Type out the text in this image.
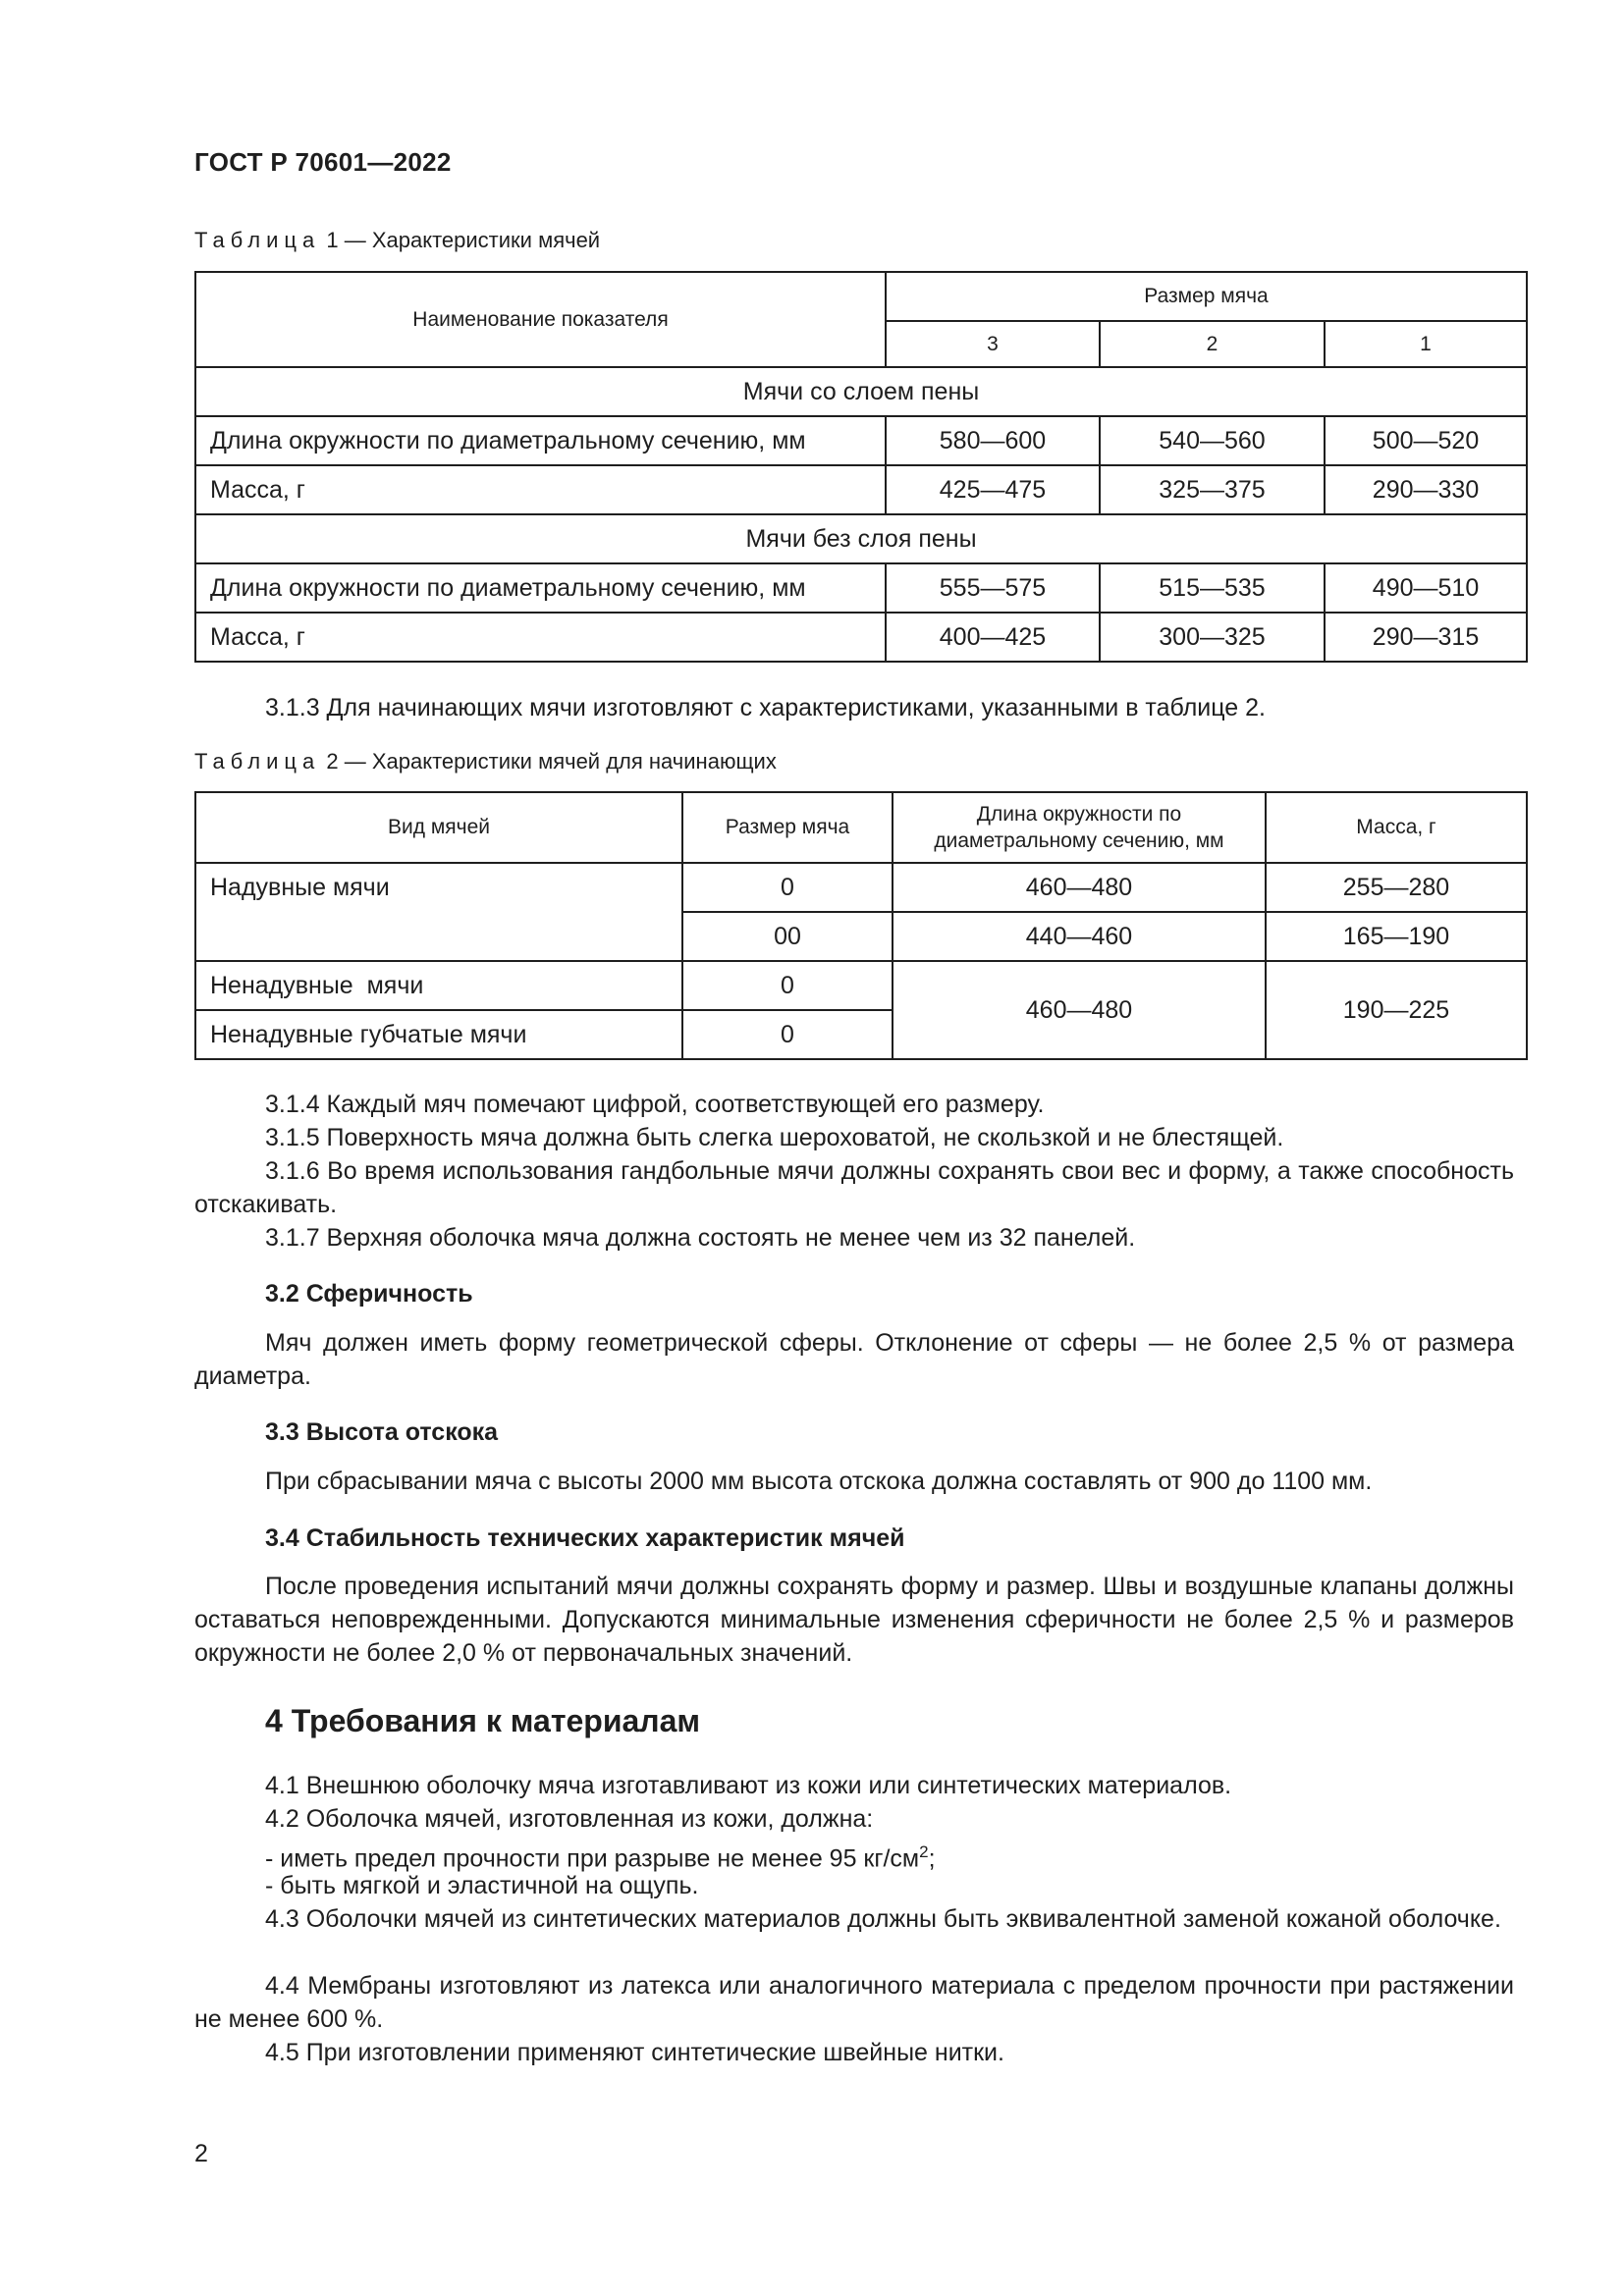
ГОСТ Р 70601—2022
Таблица 1 — Характеристики мячей
Наименование показателя	Размер мяча		
	3	2	1
Мячи со слоем пены			
Длина окружности по диаметральному сечению, мм	580—600	540—560	500—520
Масса, г	425—475	325—375	290—330
Мячи без слоя пены			
Длина окружности по диаметральному сечению, мм	555—575	515—535	490—510
Масса, г	400—425	300—325	290—315
3.1.3 Для начинающих мячи изготовляют с характеристиками, указанными в таблице 2.
Таблица 2 — Характеристики мячей для начинающих
Вид мячей	Размер мяча	Длина окружности по диаметральному сечению, мм	Масса, г
Надувные мячи	0	460—480	255—280
	00	440—460	165—190
Ненадувные  мячи	0	460—480	190—225
Ненадувные губчатые мячи	0		
3.1.4 Каждый мяч помечают цифрой, соответствующей его размеру.
3.1.5 Поверхность мяча должна быть слегка шероховатой, не скользкой и не блестящей.
3.1.6 Во время использования гандбольные мячи должны сохранять свои вес и форму, а также способность отскакивать.
3.1.7 Верхняя оболочка мяча должна состоять не менее чем из 32 панелей.
3.2 Сферичность
Мяч должен иметь форму геометрической сферы. Отклонение от сферы — не более 2,5 % от размера диаметра.
3.3 Высота отскока
При сбрасывании мяча с высоты 2000 мм высота отскока должна составлять от 900 до 1100 мм.
3.4 Стабильность технических характеристик мячей
После проведения испытаний мячи должны сохранять форму и размер. Швы и воздушные клапаны должны оставаться неповрежденными. Допускаются минимальные изменения сферичности не более 2,5 % и размеров окружности не более 2,0 % от первоначальных значений.
4 Требования к материалам
4.1 Внешнюю оболочку мяча изготавливают из кожи или синтетических материалов.
4.2 Оболочка мячей, изготовленная из кожи, должна:
- иметь предел прочности при разрыве не менее 95 $кг/см^2$;
- быть мягкой и эластичной на ощупь.
4.3 Оболочки мячей из синтетических материалов должны быть эквивалентной заменой кожаной оболочке.
4.4 Мембраны изготовляют из латекса или аналогичного материала с пределом прочности при растяжении не менее 600 %.
4.5 При изготовлении применяют синтетические швейные нитки.
2
